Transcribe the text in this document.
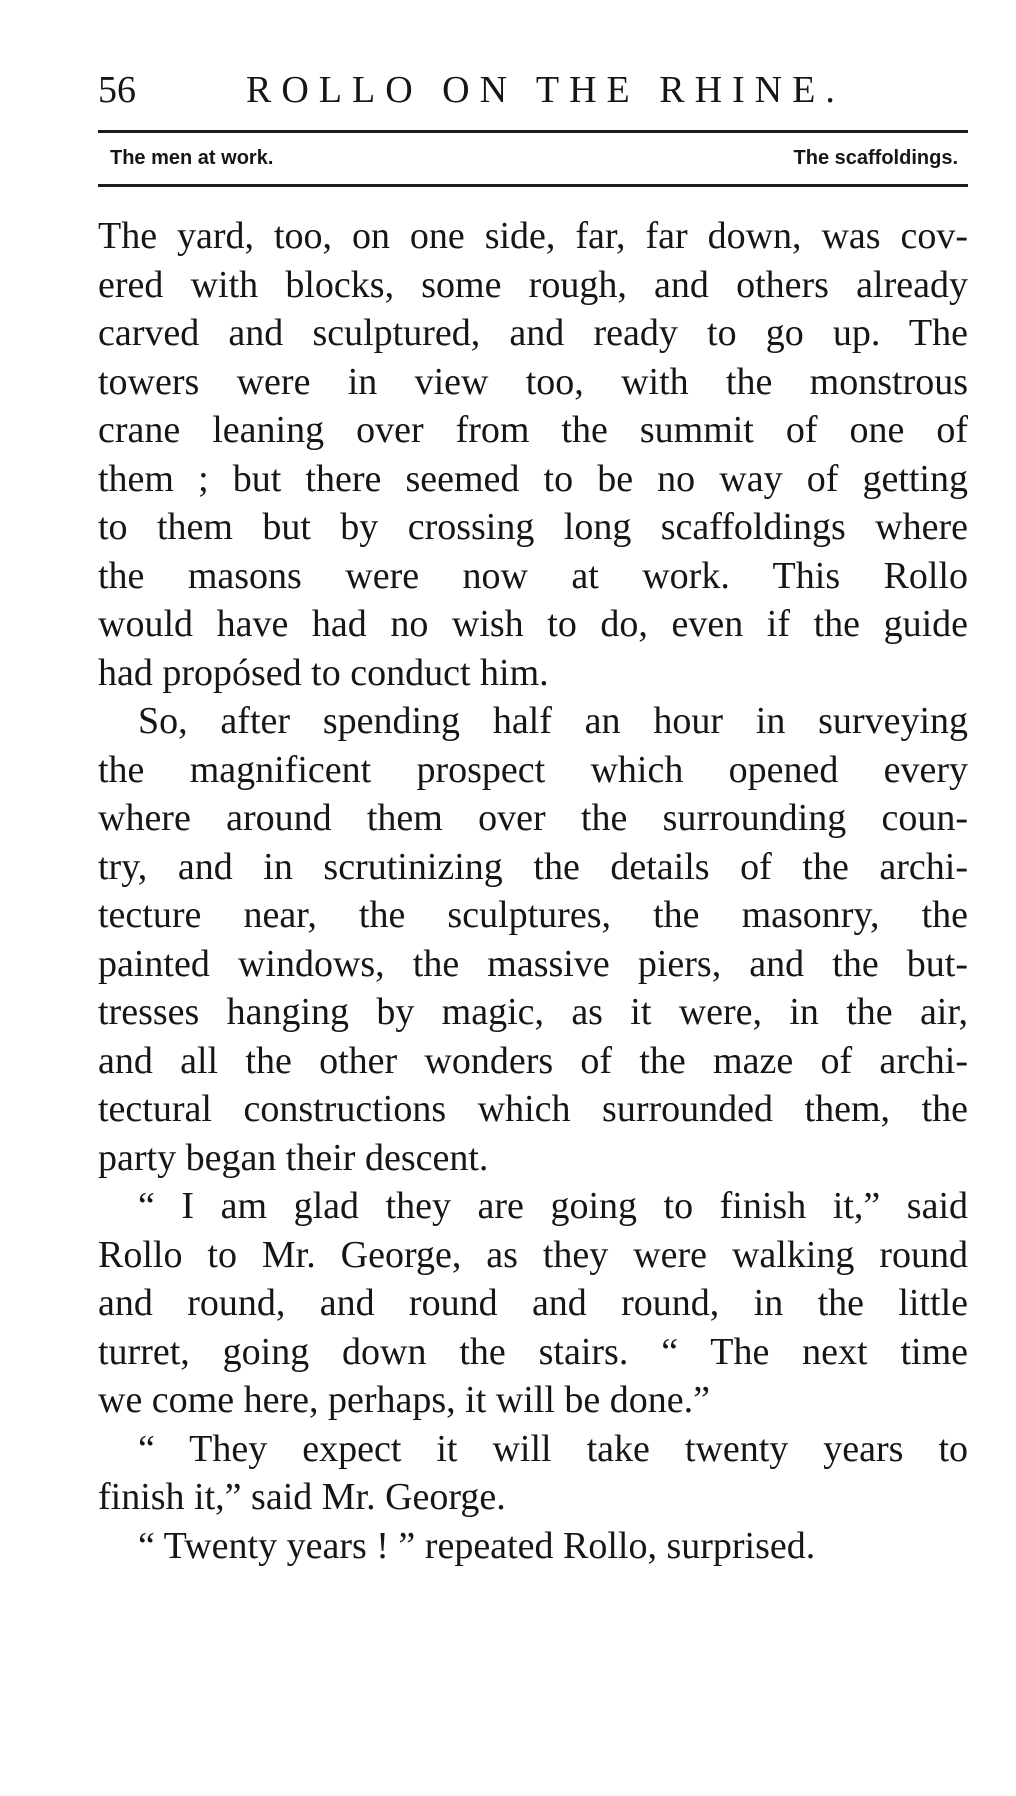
56	ROLLO ON THE RHINE.
The men at work.	The scaffoldings.
The yard, too, on one side, far, far down, was cov-
ered with blocks, some rough, and others already
carved and sculptured, and ready to go up. The
towers were in view too, with the monstrous
crane leaning over from the summit of one of
them ; but there seemed to be no way of getting
to them but by crossing long scaffoldings where
the masons were now at work. This Rollo
would have had no wish to do, even if the guide
had propósed to conduct him.
So, after spending half an hour in surveying
the magnificent prospect which opened every
where around them over the surrounding coun-
try, and in scrutinizing the details of the archi-
tecture near, the sculptures, the masonry, the
painted windows, the massive piers, and the but-
tresses hanging by magic, as it were, in the air,
and all the other wonders of the maze of archi-
tectural constructions which surrounded them, the
party began their descent.
“ I am glad they are going to finish it,” said
Rollo to Mr. George, as they were walking round
and round, and round and round, in the little
turret, going down the stairs. “ The next time
we come here, perhaps, it will be done.”
“ They expect it will take twenty years to
finish it,” said Mr. George.
“ Twenty years ! ” repeated Rollo, surprised.
